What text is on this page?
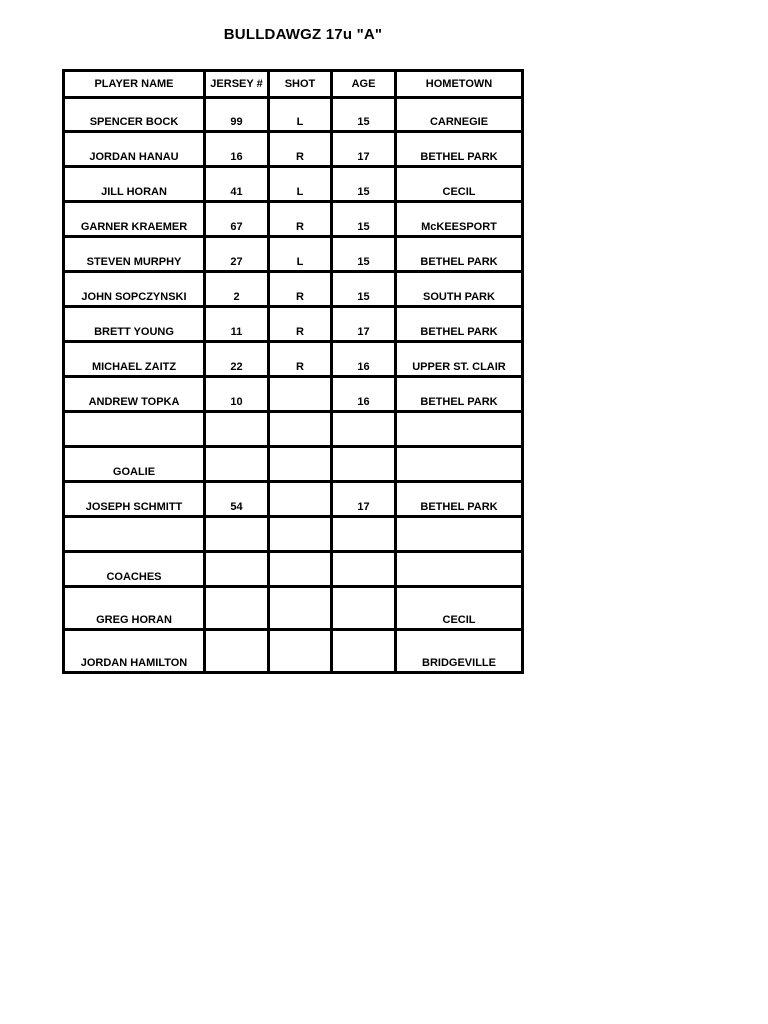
BULLDAWGZ 17u "A"
PLAYER NAME	JERSEY #	SHOT	AGE	HOMETOWN
SPENCER BOCK	99	L	15	CARNEGIE
JORDAN HANAU	16	R	17	BETHEL PARK
JILL HORAN	41	L	15	CECIL
GARNER KRAEMER	67	R	15	McKEESPORT
STEVEN MURPHY	27	L	15	BETHEL PARK
JOHN SOPCZYNSKI	2	R	15	SOUTH PARK
BRETT YOUNG	11	R	17	BETHEL PARK
MICHAEL ZAITZ	22	R	16	UPPER ST. CLAIR
ANDREW TOPKA	10		16	BETHEL PARK

GOALIE				
JOSEPH SCHMITT	54		17	BETHEL PARK

COACHES				
GREG HORAN				CECIL
JORDAN HAMILTON				BRIDGEVILLE
